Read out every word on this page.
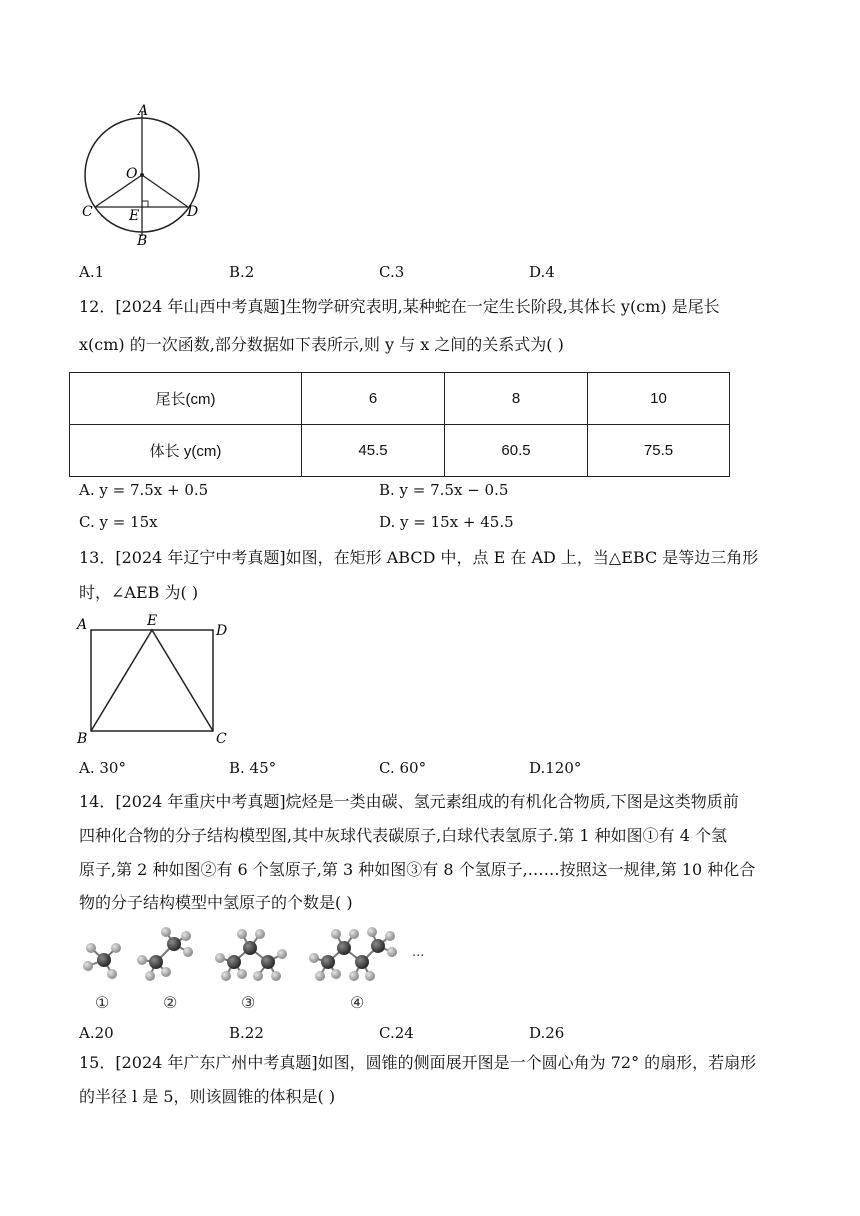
A
O
C	E	D
B
A.1	B.2	C.3	D.4
12．[2024 年山西中考真题]生物学研究表明,某种蛇在一定生长阶段,其体长 y(cm) 是尾长
x(cm) 的一次函数,部分数据如下表所示,则 y 与 x 之间的关系式为( )
尾长(cm)	6	8	10
体长 y(cm)	45.5	60.5	75.5
A. y = 7.5x + 0.5	B. y = 7.5x − 0.5
C. y = 15x	D. y = 15x + 45.5
13．[2024 年辽宁中考真题]如图，在矩形 ABCD 中，点 E 在 AD 上，当△EBC 是等边三角形
时，∠AEB 为( )
A	E
D
B	C
A. 30°	B. 45°	C. 60°	D.120°
14．[2024 年重庆中考真题]烷烃是一类由碳、氢元素组成的有机化合物质,下图是这类物质前
四种化合物的分子结构模型图,其中灰球代表碳原子,白球代表氢原子.第 1 种如图①有 4 个氢
原子,第 2 种如图②有 6 个氢原子,第 3 种如图③有 8 个氢原子,……按照这一规律,第 10 种化合
物的分子结构模型中氢原子的个数是( )
...
①	②	③	④
A.20	B.22	C.24	D.26
15．[2024 年广东广州中考真题]如图，圆锥的侧面展开图是一个圆心角为 72° 的扇形，若扇形
的半径 l 是 5，则该圆锥的体积是( )
